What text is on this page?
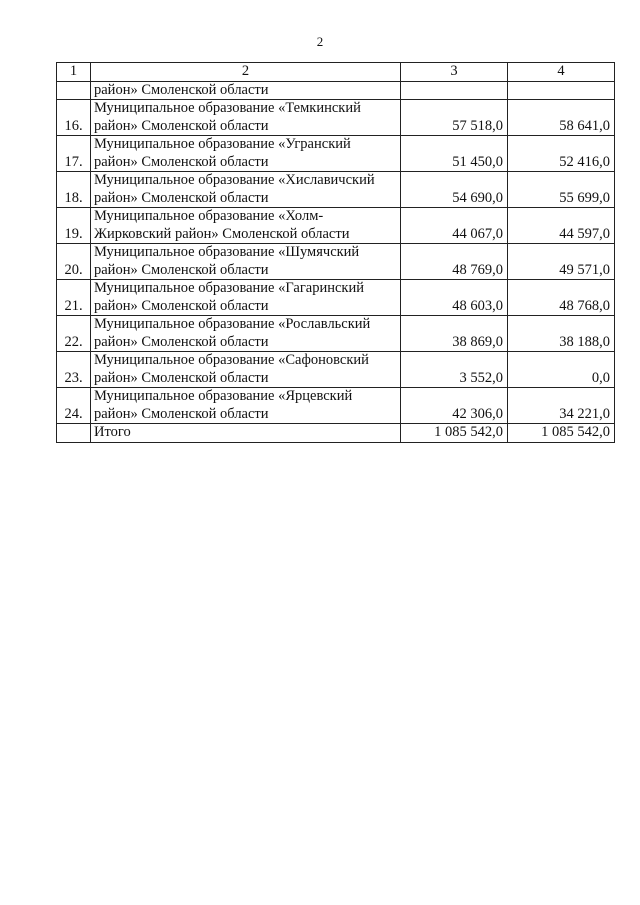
2
1	2	3	4

	район» Смоленской области		

16.	Муниципальное образование «Темкинский
район» Смоленской области	57 518,0	58 641,0
17.	Муниципальное образование «Угранский
район» Смоленской области	51 450,0	52 416,0
18.	Муниципальное образование «Хиславичский
район» Смоленской области	54 690,0	55 699,0
19.	Муниципальное образование «Холм-
Жирковский район» Смоленской области	44 067,0	44 597,0
20.	Муниципальное образование «Шумячский
район» Смоленской области	48 769,0	49 571,0
21.	Муниципальное образование «Гагаринский
район» Смоленской области	48 603,0	48 768,0
22.	Муниципальное образование «Рославльский
район» Смоленской области	38 869,0	38 188,0
23.	Муниципальное образование «Сафоновский
район» Смоленской области	3 552,0	0,0
24.	Муниципальное образование «Ярцевский
район» Смоленской области	42 306,0	34 221,0
	Итого	1 085 542,0	1 085 542,0
